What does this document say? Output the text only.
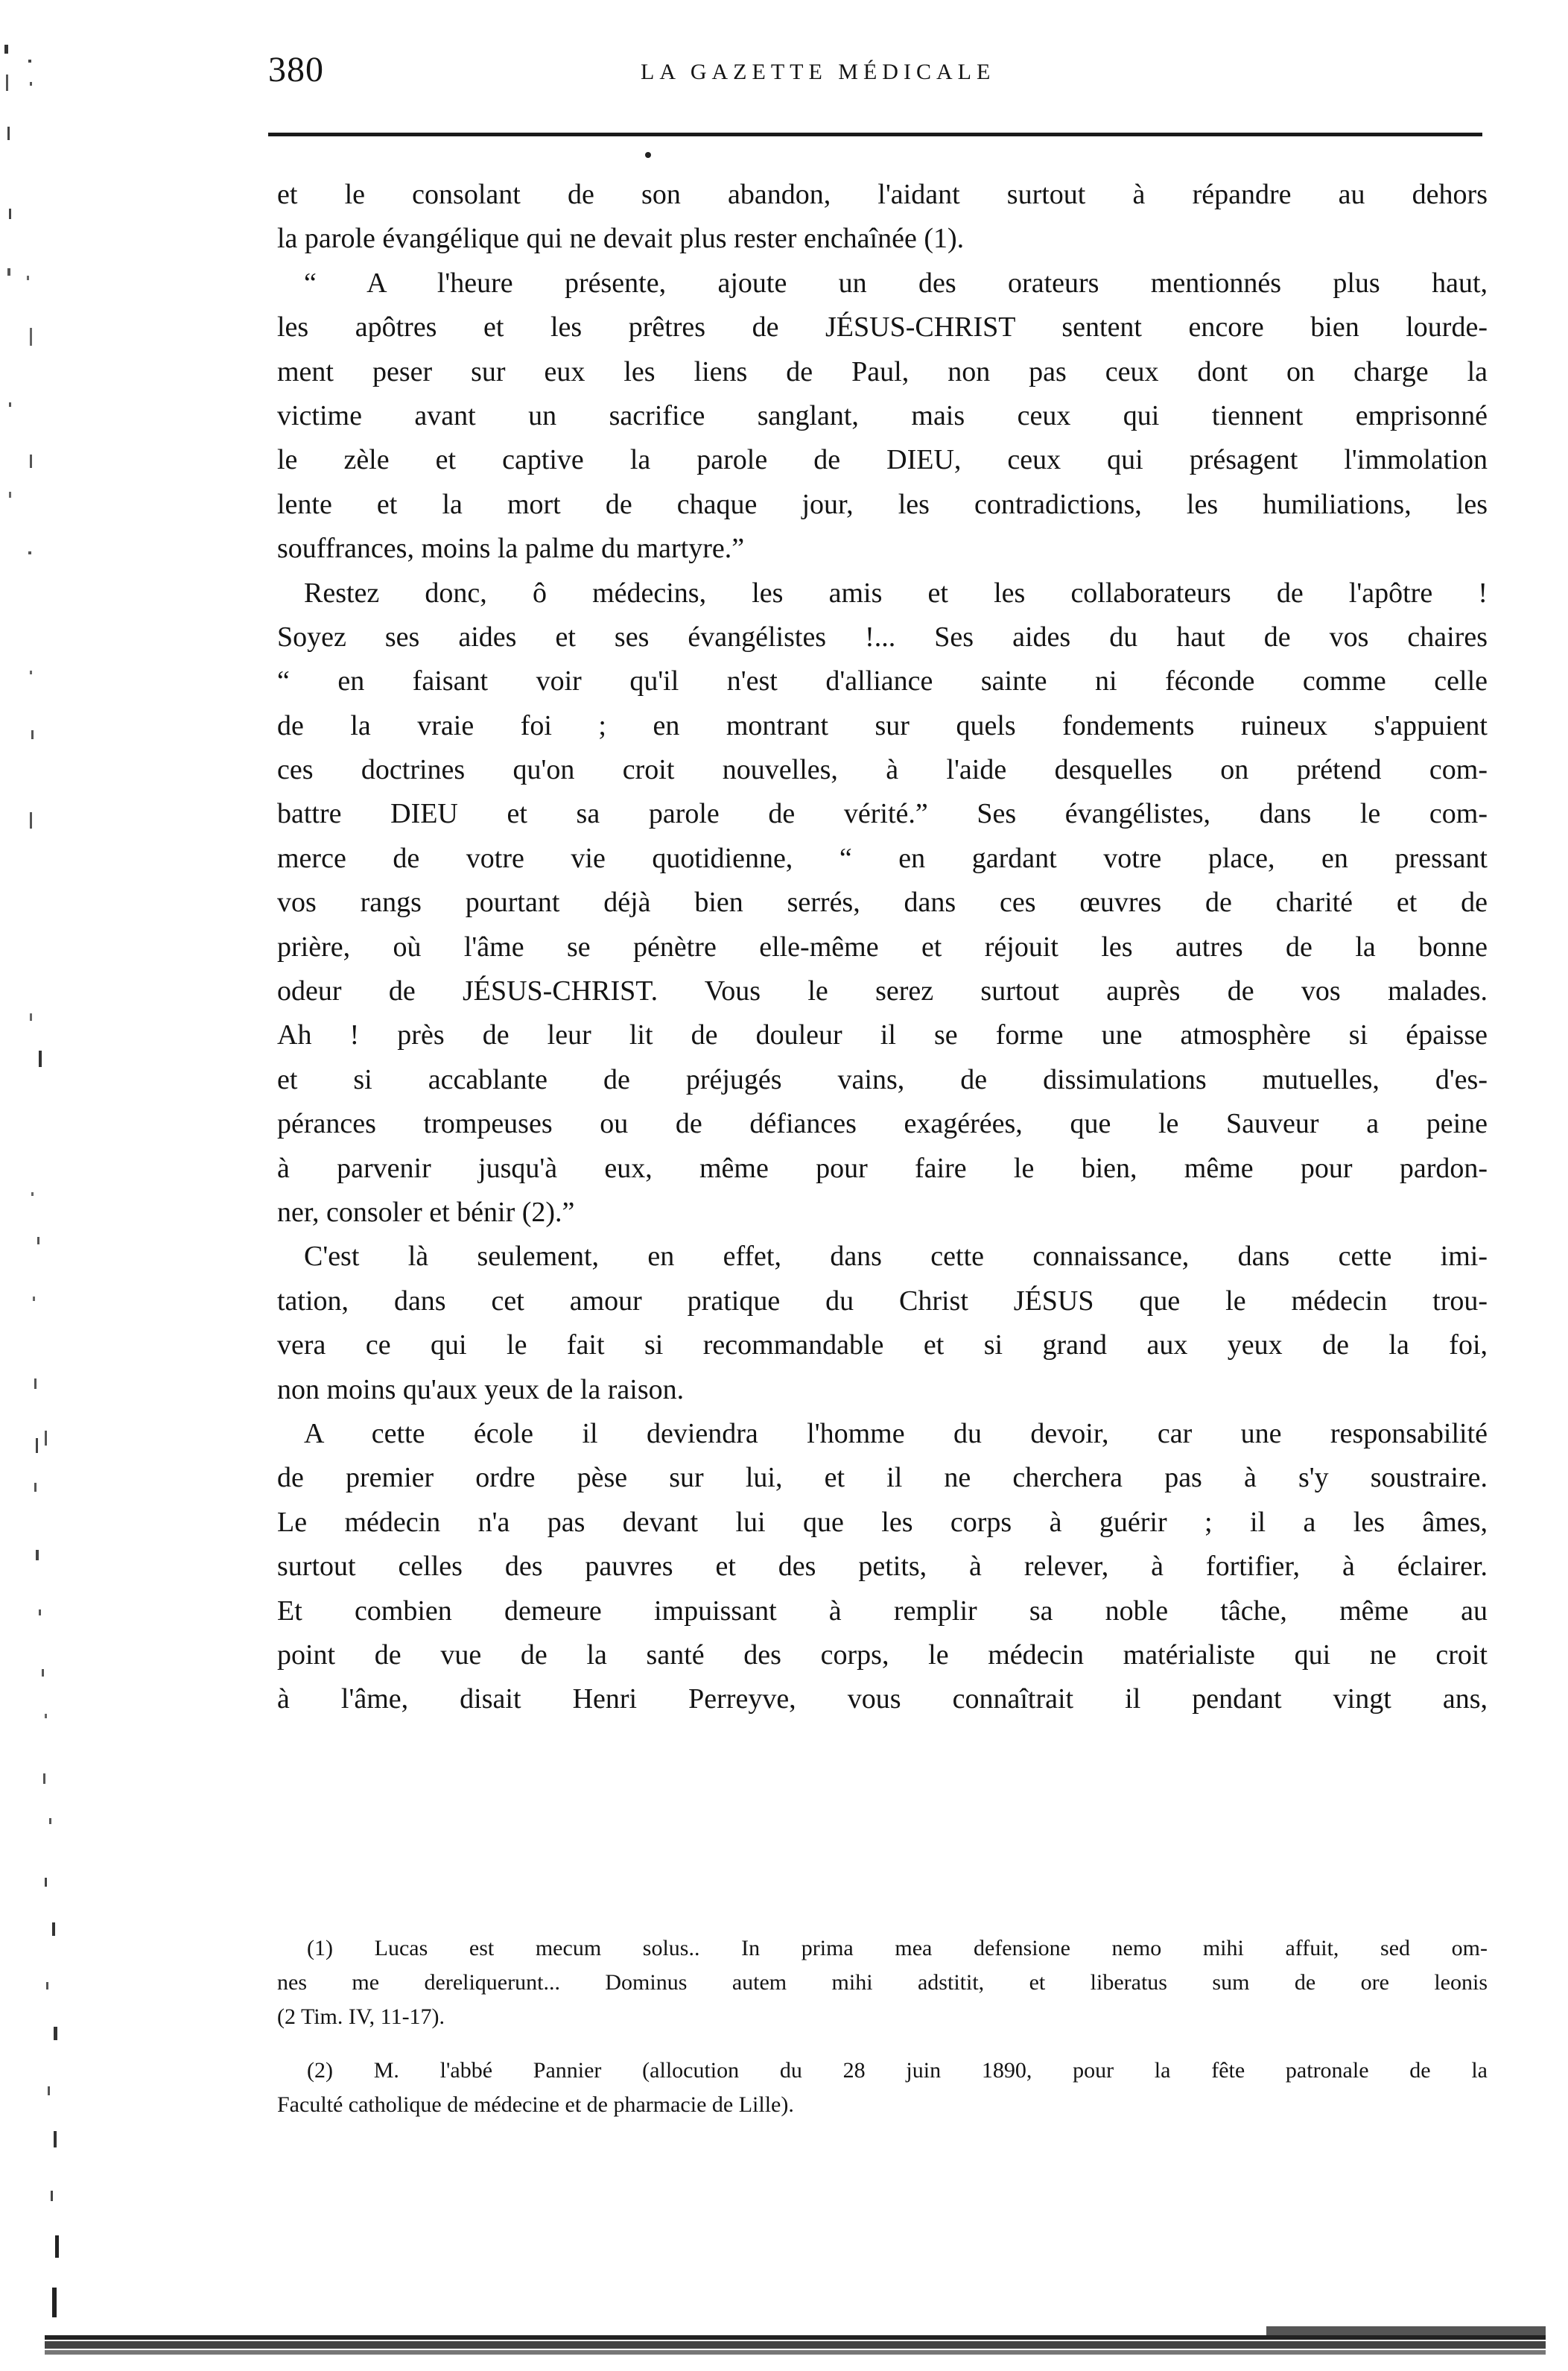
380	LA GAZETTE MÉDICALE
et le consolant de son abandon, l'aidant surtout à répandre au dehors
la parole évangélique qui ne devait plus rester enchaînée (1).
“ A l'heure présente, ajoute un des orateurs mentionnés plus haut,
les apôtres et les prêtres de JÉSUS-CHRIST sentent encore bien lourde-
ment peser sur eux les liens de Paul, non pas ceux dont on charge la
victime avant un sacrifice sanglant, mais ceux qui tiennent emprisonné
le zèle et captive la parole de DIEU, ceux qui présagent l'immolation
lente et la mort de chaque jour, les contradictions, les humiliations, les
souffrances, moins la palme du martyre.”
Restez donc, ô médecins, les amis et les collaborateurs de l'apôtre !
Soyez ses aides et ses évangélistes !... Ses aides du haut de vos chaires
“ en faisant voir qu'il n'est d'alliance sainte ni féconde comme celle
de la vraie foi ; en montrant sur quels fondements ruineux s'appuient
ces doctrines qu'on croit nouvelles, à l'aide desquelles on prétend com-
battre DIEU et sa parole de vérité.” Ses évangélistes, dans le com-
merce de votre vie quotidienne, “ en gardant votre place, en pressant
vos rangs pourtant déjà bien serrés, dans ces œuvres de charité et de
prière, où l'âme se pénètre elle-même et réjouit les autres de la bonne
odeur de JÉSUS-CHRIST. Vous le serez surtout auprès de vos malades.
Ah ! près de leur lit de douleur il se forme une atmosphère si épaisse
et si accablante de préjugés vains, de dissimulations mutuelles, d'es-
pérances trompeuses ou de défiances exagérées, que le Sauveur a peine
à parvenir jusqu'à eux, même pour faire le bien, même pour pardon-
ner, consoler et bénir (2).”
C'est là seulement, en effet, dans cette connaissance, dans cette imi-
tation, dans cet amour pratique du Christ JÉSUS que le médecin trou-
vera ce qui le fait si recommandable et si grand aux yeux de la foi,
non moins qu'aux yeux de la raison.
A cette école il deviendra l'homme du devoir, car une responsabilité
de premier ordre pèse sur lui, et il ne cherchera pas à s'y soustraire.
Le médecin n'a pas devant lui que les corps à guérir ; il a les âmes,
surtout celles des pauvres et des petits, à relever, à fortifier, à éclairer.
Et combien demeure impuissant à remplir sa noble tâche, même au
point de vue de la santé des corps, le médecin matérialiste qui ne croit
à l'âme, disait Henri Perreyve, vous connaîtrait il pendant vingt ans,
(1) Lucas est mecum solus.. In prima mea defensione nemo mihi affuit, sed om-
nes me dereliquerunt... Dominus autem mihi adstitit, et liberatus sum de ore leonis
(2 Tim. IV, 11-17).
(2) M. l'abbé Pannier (allocution du 28 juin 1890, pour la fête patronale de la
Faculté catholique de médecine et de pharmacie de Lille).
